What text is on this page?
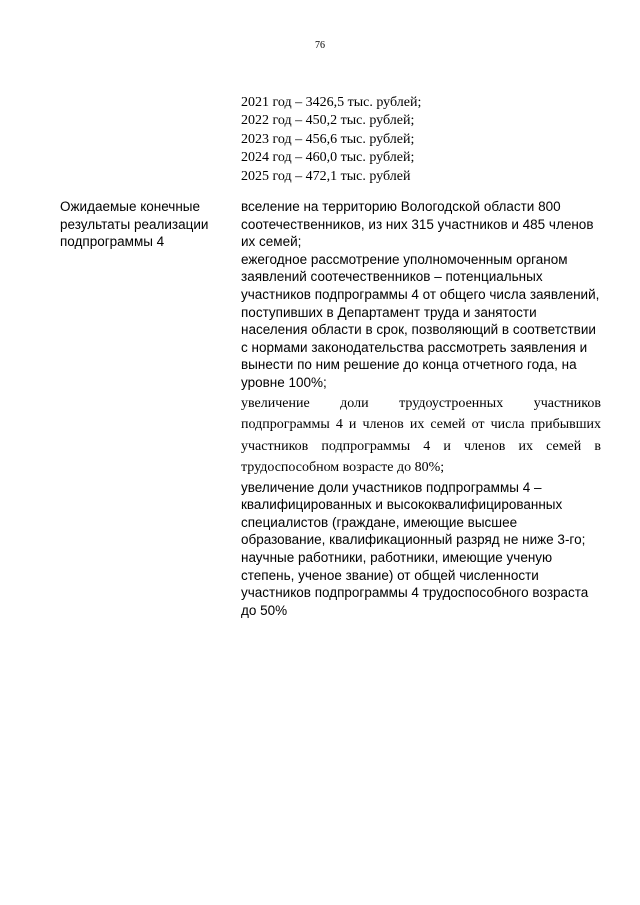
76
2021 год – 3426,5 тыс. рублей;
2022 год – 450,2 тыс. рублей;
2023 год – 456,6 тыс. рублей;
2024 год – 460,0 тыс. рублей;
2025 год – 472,1 тыс. рублей
Ожидаемые конечные результаты реализации подпрограммы 4

вселение на территорию Вологодской области 800 соотечественников, из них 315 участников и 485 членов их семей;

ежегодное рассмотрение уполномоченным органом заявлений соотечественников – потенциальных участников подпрограммы 4 от общего числа заявлений, поступивших в Департамент труда и занятости населения области в срок, позволяющий в соответствии с нормами законодательства рассмотреть заявления и вынести по ним решение до конца отчетного года, на уровне 100%;

увеличение доли трудоустроенных участников подпрограммы 4 и членов их семей от числа прибывших участников подпрограммы 4 и членов их семей в трудоспособном возрасте до 80%;

увеличение доли участников подпрограммы 4 – квалифицированных и высококвалифицированных специалистов (граждане, имеющие высшее образование, квалификационный разряд не ниже 3-го; научные работники, работники, имеющие ученую степень, ученое звание) от общей численности участников подпрограммы 4 трудоспособного возраста до 50%
